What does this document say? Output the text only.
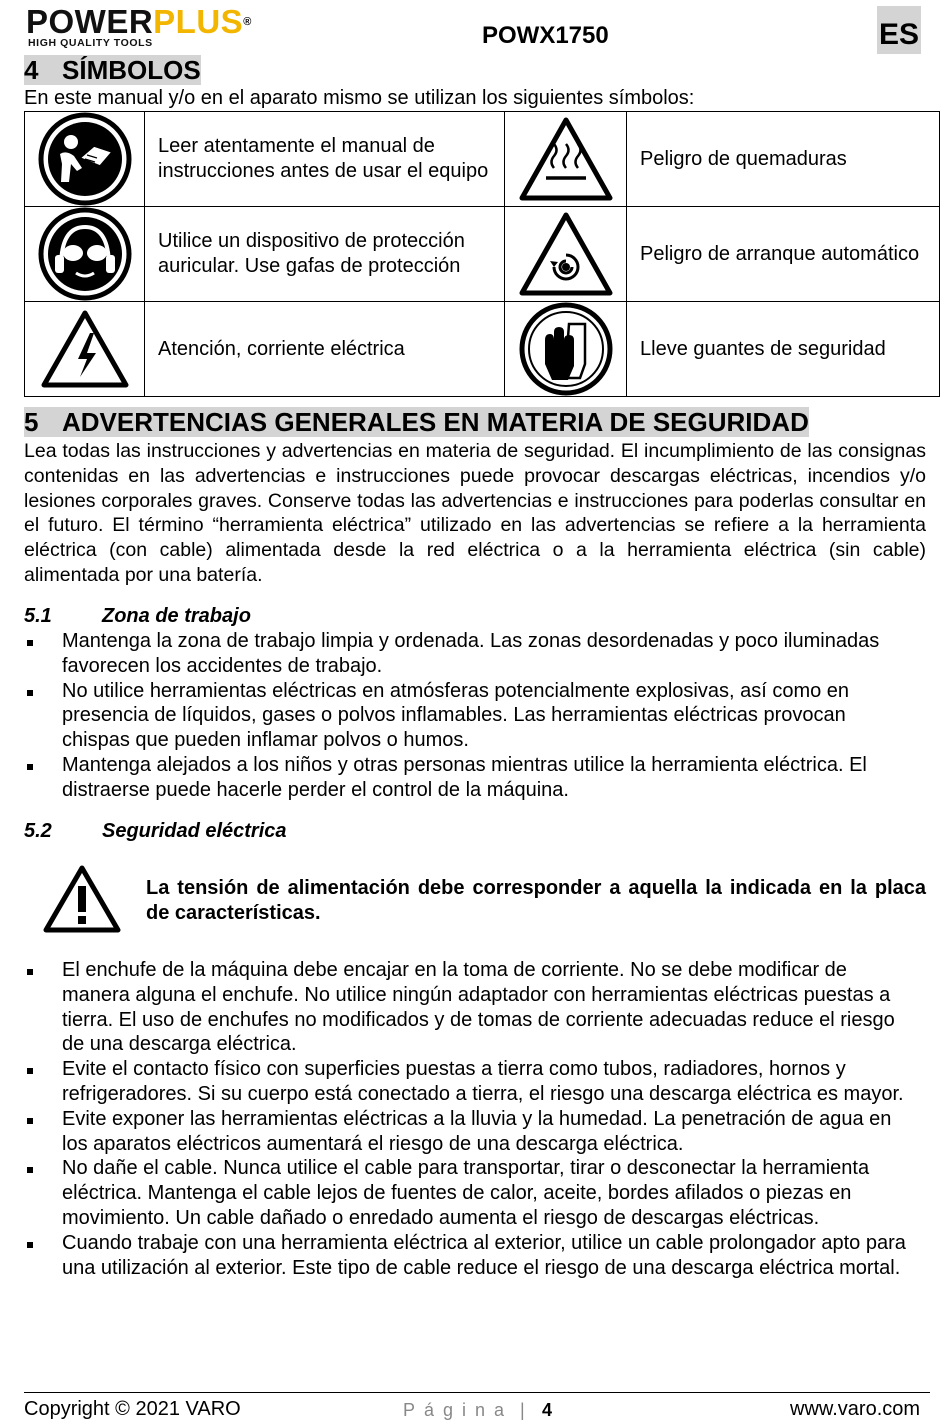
POWERPLUS®
HIGH QUALITY TOOLS	POWX1750	ES
4 SÍMBOLOS
En este manual y/o en el aparato mismo se utilizan los siguientes símbolos:
	Leer atentamente el manual de instrucciones antes de usar el equipo		Peligro de quemaduras

	Utilice un dispositivo de protección auricular. Use gafas de protección		Peligro de arranque automático

	Atención, corriente eléctrica		Lleve guantes de seguridad
5 ADVERTENCIAS GENERALES EN MATERIA DE SEGURIDAD
Lea todas las instrucciones y advertencias en materia de seguridad. El incumplimiento de las consignas contenidas en las advertencias e instrucciones puede provocar descargas eléctricas, incendios y/o lesiones corporales graves. Conserve todas las advertencias e instrucciones para poderlas consultar en el futuro. El término “herramienta eléctrica” utilizado en las advertencias se refiere a la herramienta eléctrica (con cable) alimentada desde la red eléctrica o a la herramienta eléctrica (sin cable) alimentada por una batería.
5.1	Zona de trabajo
Mantenga la zona de trabajo limpia y ordenada. Las zonas desordenadas y poco iluminadas favorecen los accidentes de trabajo.
No utilice herramientas eléctricas en atmósferas potencialmente explosivas, así como en presencia de líquidos, gases o polvos inflamables. Las herramientas eléctricas provocan chispas que pueden inflamar polvos o humos.
Mantenga alejados a los niños y otras personas mientras utilice la herramienta eléctrica. El distraerse puede hacerle perder el control de la máquina.
5.2	Seguridad eléctrica
La tensión de alimentación debe corresponder a aquella la indicada en la placa de características.
El enchufe de la máquina debe encajar en la toma de corriente. No se debe modificar de manera alguna el enchufe. No utilice ningún adaptador con herramientas eléctricas puestas a tierra. El uso de enchufes no modificados y de tomas de corriente adecuadas reduce el riesgo de una descarga eléctrica.
Evite el contacto físico con superficies puestas a tierra como tubos, radiadores, hornos y refrigeradores. Si su cuerpo está conectado a tierra, el riesgo una descarga eléctrica es mayor.
Evite exponer las herramientas eléctricas a la lluvia y la humedad. La penetración de agua en los aparatos eléctricos aumentará el riesgo de una descarga eléctrica.
No dañe el cable. Nunca utilice el cable para transportar, tirar o desconectar la herramienta eléctrica. Mantenga el cable lejos de fuentes de calor, aceite, bordes afilados o piezas en movimiento. Un cable dañado o enredado aumenta el riesgo de descargas eléctricas.
Cuando trabaje con una herramienta eléctrica al exterior, utilice un cable prolongador apto para una utilización al exterior. Este tipo de cable reduce el riesgo de una descarga eléctrica mortal.
Copyright © 2021 VARO	Página | 4	www.varo.com
